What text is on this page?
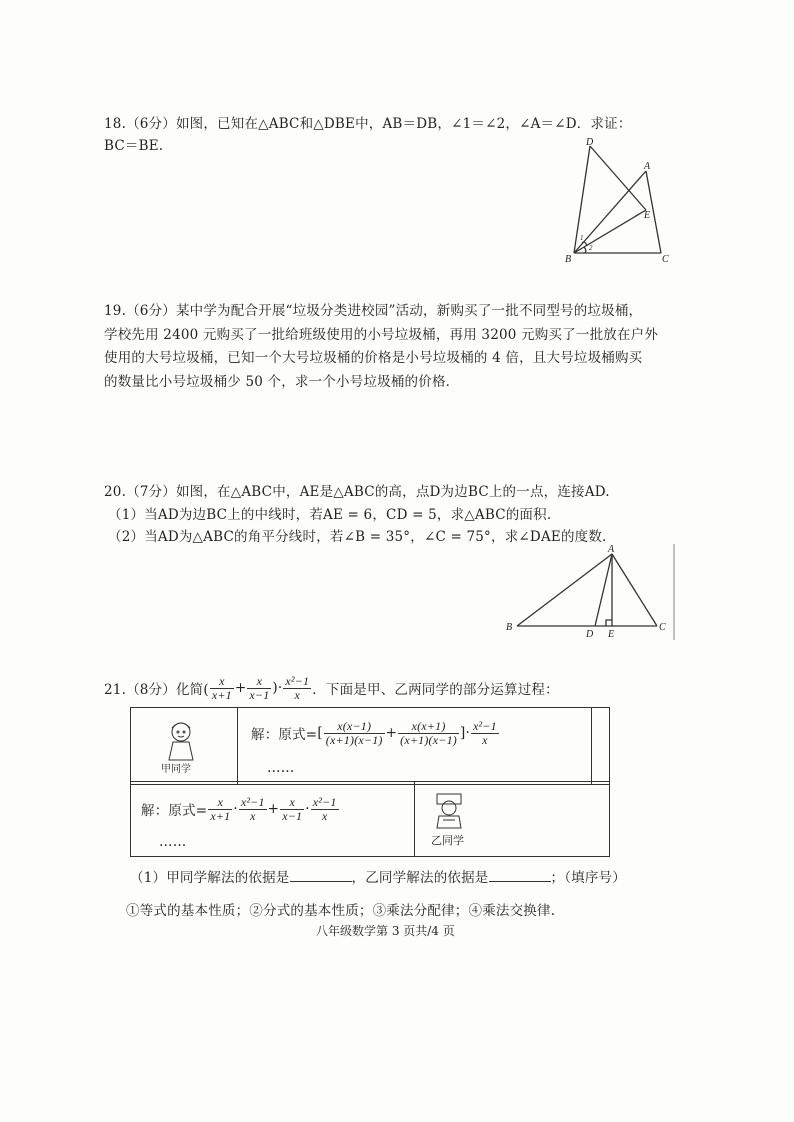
18.（6分）如图，已知在△ABC和△DBE中，AB＝DB，∠1＝∠2，∠A＝∠D．求证：
BC＝BE.	D
A
E
B	C
1
2
19.（6分）某中学为配合开展“垃圾分类进校园”活动，新购买了一批不同型号的垃圾桶，
学校先用 2400 元购买了一批给班级使用的小号垃圾桶，再用 3200 元购买了一批放在户外
使用的大号垃圾桶，已知一个大号垃圾桶的价格是小号垃圾桶的 4 倍，且大号垃圾桶购买
的数量比小号垃圾桶少 50 个，求一个小号垃圾桶的价格．
20.（7分）如图，在△ABC中，AE是△ABC的高，点D为边BC上的一点，连接AD.
（1）当AD为边BC上的中线时，若AE = 6，CD = 5，求△ABC的面积.
（2）当AD为△ABC的角平分线时，若∠B = 35°，∠C = 75°，求∠DAE的度数.
A
B
D E
C
21.（8分）化简( $\frac{x}{x+1} + \frac{x}{x-1}$ )· $\frac{\text{x²−1}}{x}$ ．下面是甲、乙两同学的部分运算过程：
甲同学
解：原式= [ $\frac{x(x-1)}{(x+1)(x-1)} + \frac{x(x+1)}{(x+1)(x-1)}$ ]· $\frac{\text{x²−1}}{x}$
……
解：原式= $\frac{x}{x+1} \cdot \frac{\text{x²−1}}{x} + \frac{x}{x-1} \cdot \frac{\text{x²−1}}{x}$
……	乙同学
（1）甲同学解法的依据是	，乙同学解法的依据是	；（填序号）
①等式的基本性质；②分式的基本性质；③乘法分配律；④乘法交换律.
八年级数学第 3 页共/4 页
